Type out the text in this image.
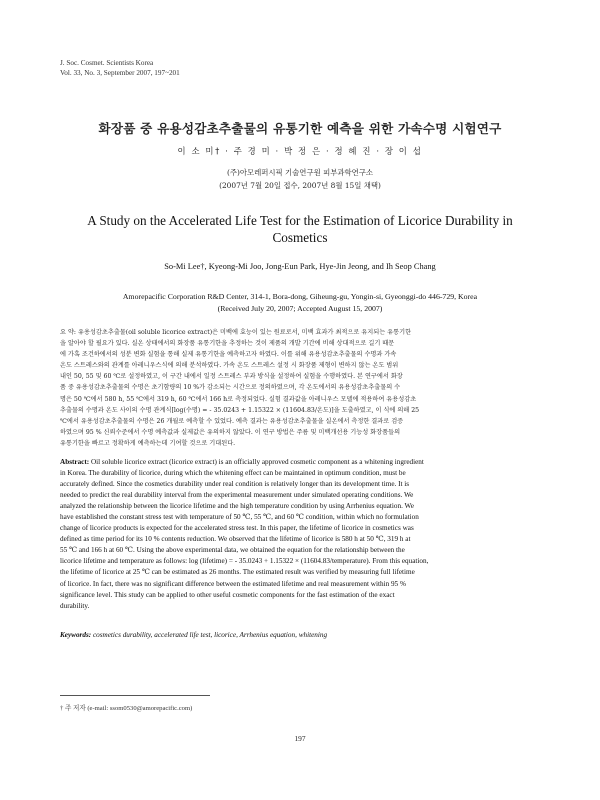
J. Soc. Cosmet. Scientists Korea
Vol. 33, No. 3, September 2007, 197~201
화장품 중 유용성감초추출물의 유통기한 예측을 위한 가속수명 시험연구
이 소 미† · 주 경 미 · 박 정 은 · 정 혜 진 · 장 이 섭
(주)아모레퍼시픽 기술연구원 피부과학연구소
(2007년 7월 20일 접수, 2007년 8월 15일 채택)
A Study on the Accelerated Life Test for the Estimation of Licorice Durability in
Cosmetics
So-Mi Lee†, Kyeong-Mi Joo, Jong-Eun Park, Hye-Jin Jeong, and Ih Seop Chang
Amorepacific Corporation R&D Center, 314-1, Bora-dong, Giheung-gu, Yongin-si, Gyeonggi-do 446-729, Korea
(Received July 20, 2007; Accepted August 15, 2007)
요 약: 유용성감초추출물(oil soluble licorice extract)은 미백에 효능이 있는 원료로서, 미백 효과가 최적으로 유지되는 유통기한
을 알아야 할 필요가 있다. 실온 상태에서의 화장품 유통기한을 추정하는 것이 제품의 개발 기간에 비해 상대적으로 길기 때문
에 가혹 조건하에서의 성분 변화 실험을 통해 실제 유통기한을 예측하고자 하였다. 이를 위해 유용성감초추출물의 수명과 가속
온도 스트레스와의 관계를 아레니우스식에 의해 분석하였다. 가속 온도 스트레스 설정 시 화장품 제형이 변하지 않는 온도 범위
내인 50, 55 및 60 ℃로 설정하였고, 이 구간 내에서 일정 스트레스 부과 방식을 설정하여 실험을 수행하였다. 본 연구에서 화장
품 중 유용성감초추출물의 수명은 초기함량의 10 %가 감소되는 시간으로 정의하였으며, 각 온도에서의 유용성감초추출물의 수
명은 50 ℃에서 580 h, 55 ℃에서 319 h, 60 ℃에서 166 h로 측정되었다. 실험 결과값을 아레니우스 모델에 적용하여 유용성감초
추출물의 수명과 온도 사이의 수명 관계식[log(수명) = - 35.0243 + 1.15322 × (11604.83/온도)]을 도출하였고, 이 식에 의해 25
℃에서 유용성감초추출물의 수명은 26 개월로 예측할 수 있었다. 예측 결과는 유용성감초추출물을 실온에서 측정한 결과로 검증
하였으며 95 % 신뢰수준에서 수명 예측값과 실제값은 유의하지 않았다. 이 연구 방법은 주름 및 미백개선용 기능성 화장품들의
유통기한을 빠르고 정확하게 예측하는데 기여할 것으로 기대된다.
Abstract: Oil soluble licorice extract (licorice extract) is an officially approved cosmetic component as a whitening ingredient
in Korea. The durability of licorice, during which the whitening effect can be maintained in optimum condition, must be
accurately defined. Since the cosmetics durability under real condition is relatively longer than its development time. It is
needed to predict the real durability interval from the experimental measurement under simulated operating conditions. We
analyzed the relationship between the licorice lifetime and the high temperature condition by using Arrhenius equation. We
have established the constant stress test with temperature of 50 ℃, 55 ℃, and 60 ℃ condition, within which no formulation
change of licorice products is expected for the accelerated stress test. In this paper, the lifetime of licorice in cosmetics was
defined as time period for its 10 % contents reduction. We observed that the lifetime of licorice is 580 h at 50 ℃, 319 h at
55 ℃ and 166 h at 60 ℃. Using the above experimental data, we obtained the equation for the relationship between the
licorice lifetime and temperature as follows: log (lifetime) = - 35.0243 + 1.15322 × (11604.83/temperature). From this equation,
the lifetime of licorice at 25 ℃ can be estimated as 26 months. The estimated result was verified by measuring full lifetime
of licorice. In fact, there was no significant difference between the estimated lifetime and real measurement within 95 %
significance level. This study can be applied to other useful cosmetic components for the fast estimation of the exact
durability.
Keywords: cosmetics durability, accelerated life test, licorice, Arrhenius equation, whitening
† 주 저자 (e-mail: ssom0530@amorepacific.com)
197
